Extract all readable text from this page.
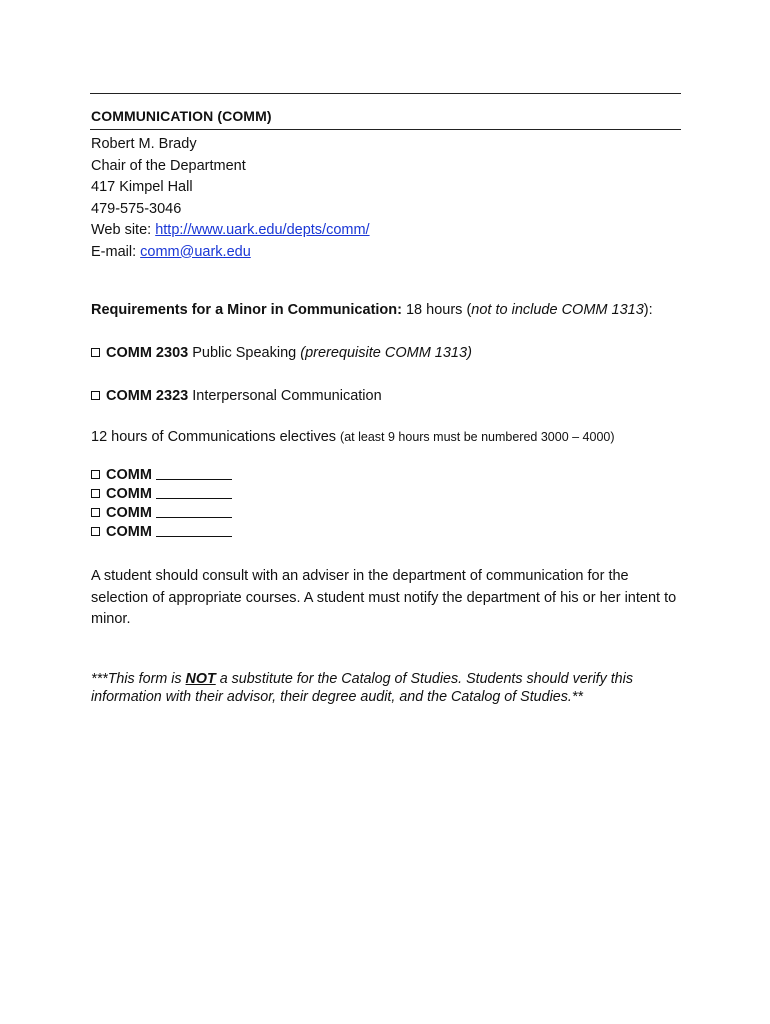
COMMUNICATION (COMM)
Robert M. Brady
Chair of the Department
417 Kimpel Hall
479-575-3046
Web site: http://www.uark.edu/depts/comm/
E-mail: comm@uark.edu
Requirements for a Minor in Communication: 18 hours (not to include COMM 1313):
COMM 2303 Public Speaking (prerequisite COMM 1313)
COMM 2323 Interpersonal Communication
12 hours of Communications electives (at least 9 hours must be numbered 3000 – 4000)
COMM
COMM
COMM
COMM
A student should consult with an adviser in the department of communication for the selection of appropriate courses. A student must notify the department of his or her intent to minor.
***This form is NOT a substitute for the Catalog of Studies. Students should verify this information with their advisor, their degree audit, and the Catalog of Studies.**
